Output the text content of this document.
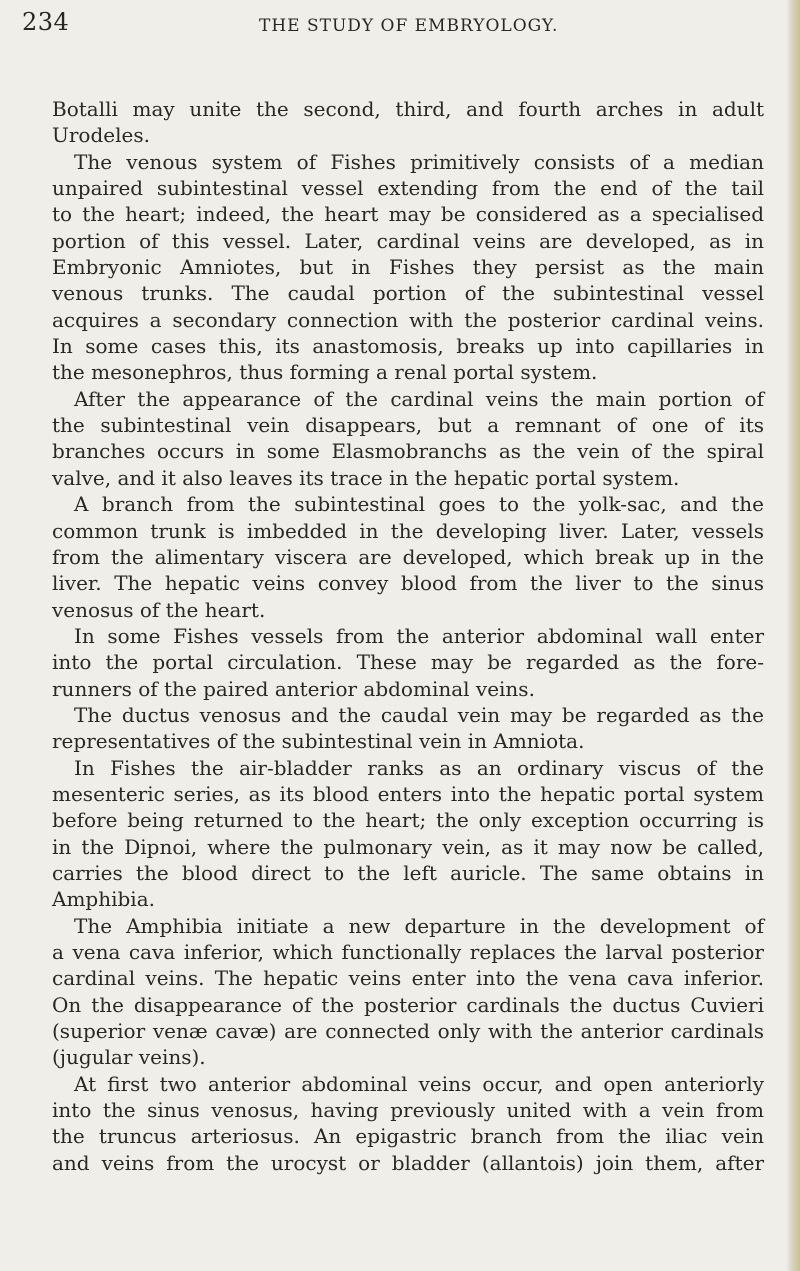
234	THE STUDY OF EMBRYOLOGY.
Botalli may unite the second, third, and fourth arches in adult
Urodeles.
The venous system of Fishes primitively consists of a median
unpaired subintestinal vessel extending from the end of the tail
to the heart; indeed, the heart may be considered as a specialised
portion of this vessel. Later, cardinal veins are developed, as in
Embryonic Amniotes, but in Fishes they persist as the main
venous trunks. The caudal portion of the subintestinal vessel
acquires a secondary connection with the posterior cardinal veins.
In some cases this, its anastomosis, breaks up into capillaries in
the mesonephros, thus forming a renal portal system.
After the appearance of the cardinal veins the main portion of
the subintestinal vein disappears, but a remnant of one of its
branches occurs in some Elasmobranchs as the vein of the spiral
valve, and it also leaves its trace in the hepatic portal system.
A branch from the subintestinal goes to the yolk-sac, and the
common trunk is imbedded in the developing liver. Later, vessels
from the alimentary viscera are developed, which break up in the
liver. The hepatic veins convey blood from the liver to the sinus
venosus of the heart.
In some Fishes vessels from the anterior abdominal wall enter
into the portal circulation. These may be regarded as the fore-
runners of the paired anterior abdominal veins.
The ductus venosus and the caudal vein may be regarded as the
representatives of the subintestinal vein in Amniota.
In Fishes the air-bladder ranks as an ordinary viscus of the
mesenteric series, as its blood enters into the hepatic portal system
before being returned to the heart; the only exception occurring is
in the Dipnoi, where the pulmonary vein, as it may now be called,
carries the blood direct to the left auricle. The same obtains in
Amphibia.
The Amphibia initiate a new departure in the development of
a vena cava inferior, which functionally replaces the larval posterior
cardinal veins. The hepatic veins enter into the vena cava inferior.
On the disappearance of the posterior cardinals the ductus Cuvieri
(superior venæ cavæ) are connected only with the anterior cardinals
(jugular veins).
At first two anterior abdominal veins occur, and open anteriorly
into the sinus venosus, having previously united with a vein from
the truncus arteriosus. An epigastric branch from the iliac vein
and veins from the urocyst or bladder (allantois) join them, after
